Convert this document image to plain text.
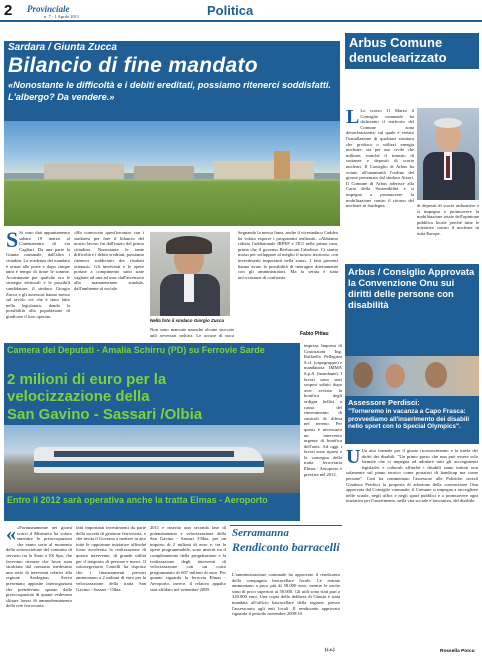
2 Provinciale
n. 7 - 1 Aprile 2011	Politica
Sardara / Giunta Zucca
Bilancio di fine mandato
«Nonostante le difficoltà e i debiti ereditati, possiamo ritenerci soddisfatti. L'albergo? Da vendere.»
S Si sono dati appuntamento sabato 19 marzo al Cinemateatro di via Cagliari. Da una parte la Giunta comunale, dall'altra i cittadini. La scadenza del mandato è ormai alle porte e dopo cinque anni è tempo di tirare le somme. Accantonate per qualche ora le strategie elettorali e le possibili candidature, il sindaco Giorgio Zucca e gli assessori hanno messo sul tavolo ciò che è stato fatto nella legislatura, dando la possibilità alla popolazione di giudicare il loro operato.
«Ho convocato quest'incontro con i sardaresi per fare il bilancio del nostro lavoro fin dall'inizio del primo cittadino. Nonostante le tante difficoltà e i debiti ereditati, possiamo ritenerci soddisfatti dei risultati ottenuti». Gli interventi e le opere portate a compimento sono state vagliate ad una ad una: dall'ascensore alla manutenzione stradale, dall'ambiente al sociale.
Nella foto il sindaco Giorgio Zucca
Non sono mancate neanche alcune stoccate agli avversari politici. Le accuse di poca
Segnando la messa linea, anche il vicesindaco Caddeo ha voluto esporre i programmi realizzati. «Abbiamo ridotto l'addizionale IRPEF e l'ICI nella prima casa, prima che il governo Berlusconi l'abolisse. Ci siamo mossi per sviluppare al meglio il nostro territorio, con investimenti importanti nella zona». I fatti presenti hanno avuto la possibilità di interagire direttamente con gli amministratori. Ma la serata è stata un'occasione di confronto.
Fabio Pittau
Arbus Comune denuclearizzato
L Lo scorso 11 Marzo il Consiglio comunale ha dichiarato il territorio del Comune zona denuclearizzata: sul quale è vietato l'installazione di qualsiasi struttura che produca o utilizzi energia nucleare, sia per uso civile che militare, nonché il transito di sostanze e depositi di scorie nucleari. Il Consiglio di Arbus ha votato all'unanimità l'ordine del giorno presentato dal sindaco Atzori. Il Comune di Arbus aderisce alla Carta della Sostenibilità e si impegna a promuovere la mobilitazione contro il ritorno del nucleare in Sardegna.	di depositi di scorie radioattive e si impegna a promuovere la mobilitazione totale dell'opinione pubblica locale perché tutte le iniziative contro il nucleare in tutta Europa.
Arbus / Consiglio Approvata la Convenzione Onu sui diritti delle persone con disabilità
Assessore Perdisci:
"Torneremo in vacanza a Capo Frasca: provvediamo all'inserimento dei disabili nello sport con lo Special Olympics".
U Un atto formale per il giusto riconoscimento e la tutela dei diritti dei disabili. "Un primo passo che non può essere solo formale che ci impegna ad adottare tutti gli accorgimenti legislativi e culturali affinché i disabili siano trattati non solamente sul piano teorico come portatori di handicap ma come persone". Così ha commentato l'assessore alle Politiche sociali Gianluca Perdisci la proposta di adozione della convenzione Onu approvata dal Consiglio comunale, il Comune si impegna a raccogliere nelle scuole, negli uffici e negli spazi pubblici e a promuovere ogni iniziativa per l'inserimento, nella vita sociale e lavorativa, del disabile.
Rossella Porcu
Camera dei Deputati - Amalia Schirru (PD) su Ferrovie Sarde
2 milioni di euro per la
velocizzazione della
San Gavino - Sassari /Olbia
Entro il 2012 sarà operativa anche la tratta Elmas - Aeroporto
« «Fortunatamente nei giorni scorsi il Ministero ha voluto smentire le preoccupazioni che erano sorte al momento della sottoscrizione del contratto di servizio tra la Stato e FS Spa, che facevano ritenere che fosse stata stralciata dal contratto medesimo una serie di interventi relativi alla regione Sardegna». Aveva presentato apposite interrogazioni che prendevano spunto dalle preoccupazioni di quanti vedevano slittare lavori di ammodernamento della rete ferroviaria.
fatti importanti investimenti da parte della società di gestione ferroviaria, e che invita il Governo a mettere in atto tutte le opportune iniziative affinché fosse accelerata la realizzazione di questo intervento, di grande utilità per il trasporto di persone e merci. Il sottosegretario Castelli ha risposto che i finanziamenti previsti ammontano a 2 milioni di euro per la velocizzazione della tratta San Gavino - Sassari - Olbia.
2011 e inserita una seconda fase di potenziamento e velocizzazione della San Gavino - Sassari /Olbia, per un importo di 2 milioni di euro e, tra le opere programmabile, sono inseriti tra il completamento della progettazione e la realizzazione degli interventi di velocizzazione con un costo programmato di 607 milioni di euro. Per quanto riguarda la ferrovia Elmas - Aeroporto, invece, il relativo appalto sarà affidato nel settembre 2009.
impresa Impresa di Costruzioni Ing. Raffaello Pellegrini S.r.l. (capogruppo) e mandataria IMMA S.p.A. (mandante). I lavori sono stati sospesi subito dopo aver avviato la bonifica degli ordigni bellici a causa del rinvenimento di cunicoli di difesa nel terreno. Per questi è necessario un intervento urgente di bonifica dell'area. Ad oggi i lavori sono ripresi e la consegna della tratta ferroviaria Elmas - Aeroporto è prevista nel 2012.
Serramanna
Rendiconto barracelli
L'amministrazione comunale ha approvato il rendiconto della compagnia barracellare locale. Le entrate ammontano a poco più di 58.000 euro, mentre le uscite sono di poco superiori ai 58.000. Gli utili sono stati pari a 320.000 euro. Una copia della delibera di Giunta è stata mandata all'ufficio barracellare della regione, presso l'assessorato agli enti locali. Il rendiconto approvato riguarda il periodo novembre 2009/10.
(c.s.)
